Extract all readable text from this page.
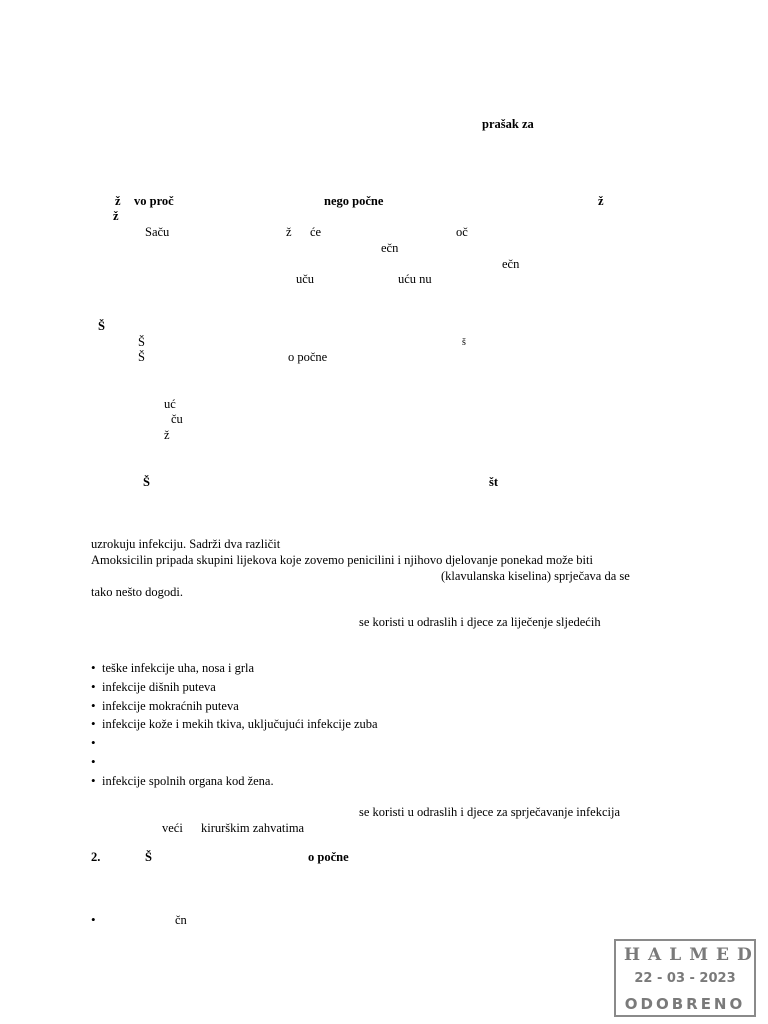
prašak za
ž vo proč	nego počne	ž
ž
Saču	ž će	oč
ečn
ečn
uču	uću nu
Š
Š	š
Š	o počne
uć
ču
ž
Š	št
uzrokuju infekciju. Sadrži dva različit
Amoksicilin pripada skupini lijekova koje zovemo penicilini i njihovo djelovanje ponekad može biti
(klavulanska kiselina) sprječava da se
tako nešto dogodi.
se koristi u odraslih i djece za liječenje sljedećih
• teške infekcije uha, nosa i grla
• infekcije dišnih puteva
• infekcije mokraćnih puteva
• infekcije kože i mekih tkiva, uključujući infekcije zuba
•
•
• infekcije spolnih organa kod žena.
se koristi u odraslih i djece za sprječavanje infekcija
veći kirurškim zahvatima
2.	Š	o počne
•	čn
HALMED
22 - 03 - 2023
ODOBRENO
